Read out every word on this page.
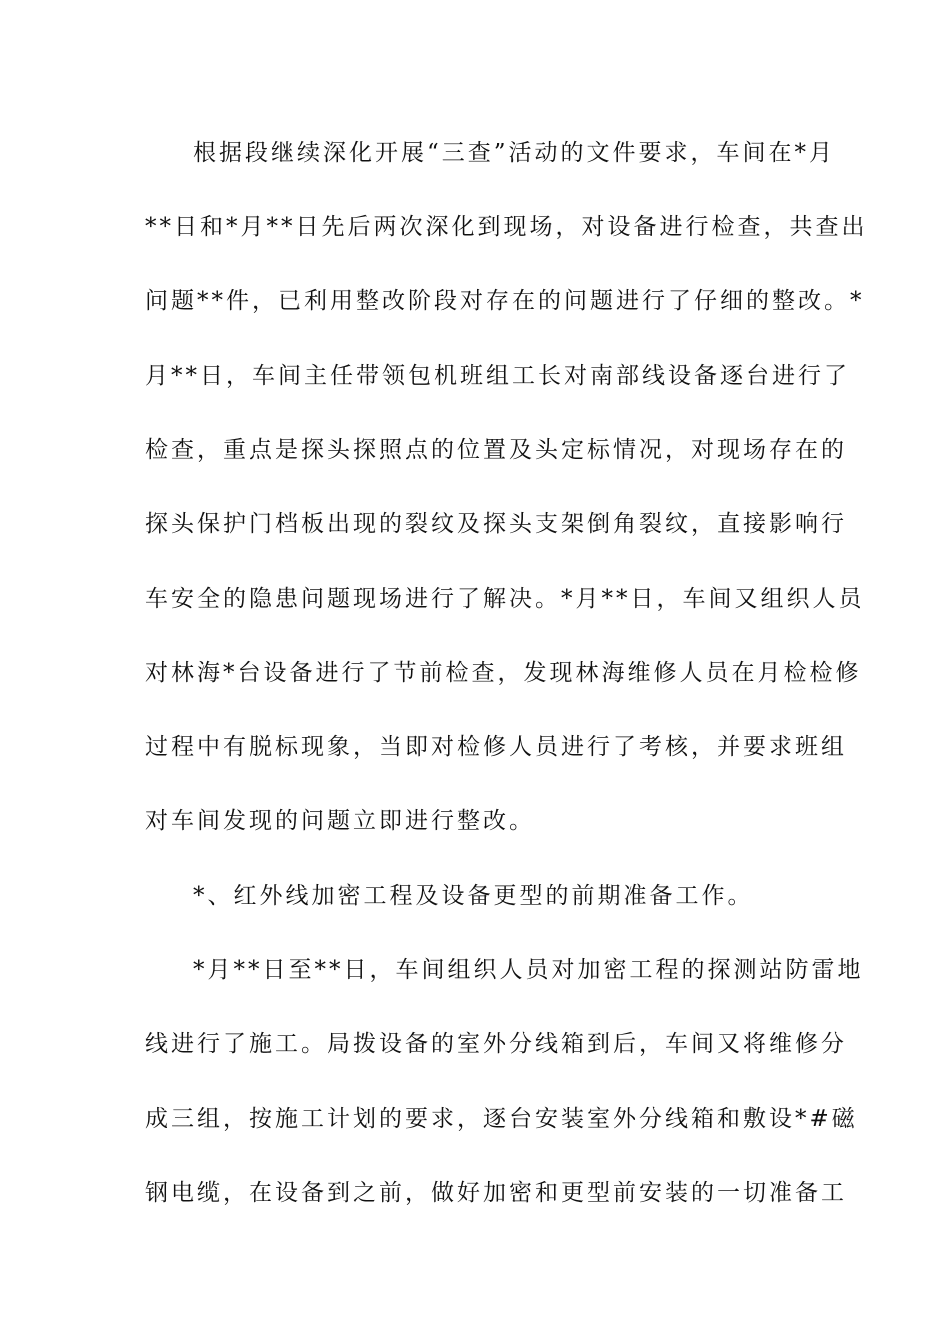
根据段继续深化开展“三查”活动的文件要求，车间在*月
**日和*月**日先后两次深化到现场，对设备进行检查，共查出
问题**件，已利用整改阶段对存在的问题进行了仔细的整改。*
月**日，车间主任带领包机班组工长对南部线设备逐台进行了
检查，重点是探头探照点的位置及头定标情况，对现场存在的
探头保护门档板出现的裂纹及探头支架倒角裂纹，直接影响行
车安全的隐患问题现场进行了解决。*月**日，车间又组织人员
对林海*台设备进行了节前检查，发现林海维修人员在月检检修
过程中有脱标现象，当即对检修人员进行了考核，并要求班组
对车间发现的问题立即进行整改。
*、红外线加密工程及设备更型的前期准备工作。
*月**日至**日，车间组织人员对加密工程的探测站防雷地
线进行了施工。局拨设备的室外分线箱到后，车间又将维修分
成三组，按施工计划的要求，逐台安装室外分线箱和敷设*#磁
钢电缆，在设备到之前，做好加密和更型前安装的一切准备工
